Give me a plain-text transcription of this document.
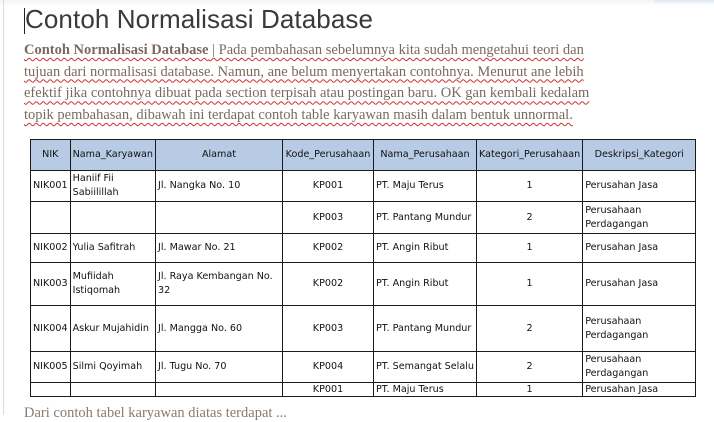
Contoh Normalisasi Database
Contoh Normalisasi Database | Pada pembahasan sebelumnya kita sudah mengetahui teori dan
tujuan dari normalisasi database. Namun, ane belum menyertakan contohnya. Menurut ane lebih
efektif jika contohnya dibuat pada section terpisah atau postingan baru. OK gan kembali kedalam
topik pembahasan, dibawah ini terdapat contoh table karyawan masih dalam bentuk unnormal.
NIK	Nama_Karyawan	Alamat	Kode_Perusahaan	Nama_Perusahaan	Kategori_Perusahaan	Deskripsi_Kategori
NIK001	Haniif Fii Sabiilillah	Jl. Nangka No. 10	KP001	PT. Maju Terus	1	Perusahan Jasa
			KP003	PT. Pantang Mundur	2	Perusahaan Perdagangan
NIK002	Yulia Safitrah	Jl. Mawar No. 21	KP002	PT. Angin Ribut	1	Perusahan Jasa
NIK003	Mufiidah Istiqomah	Jl. Raya Kembangan No. 32	KP002	PT. Angin Ribut	1	Perusahan Jasa
NIK004	Askur Mujahidin	Jl. Mangga No. 60	KP003	PT. Pantang Mundur	2	Perusahaan Perdagangan
NIK005	Silmi Qoyimah	Jl. Tugu No. 70	KP004	PT. Semangat Selalu	2	Perusahaan Perdagangan
			KP001	PT. Maju Terus	1	Perusahan Jasa
Dari contoh tabel karyawan diatas terdapat ...
